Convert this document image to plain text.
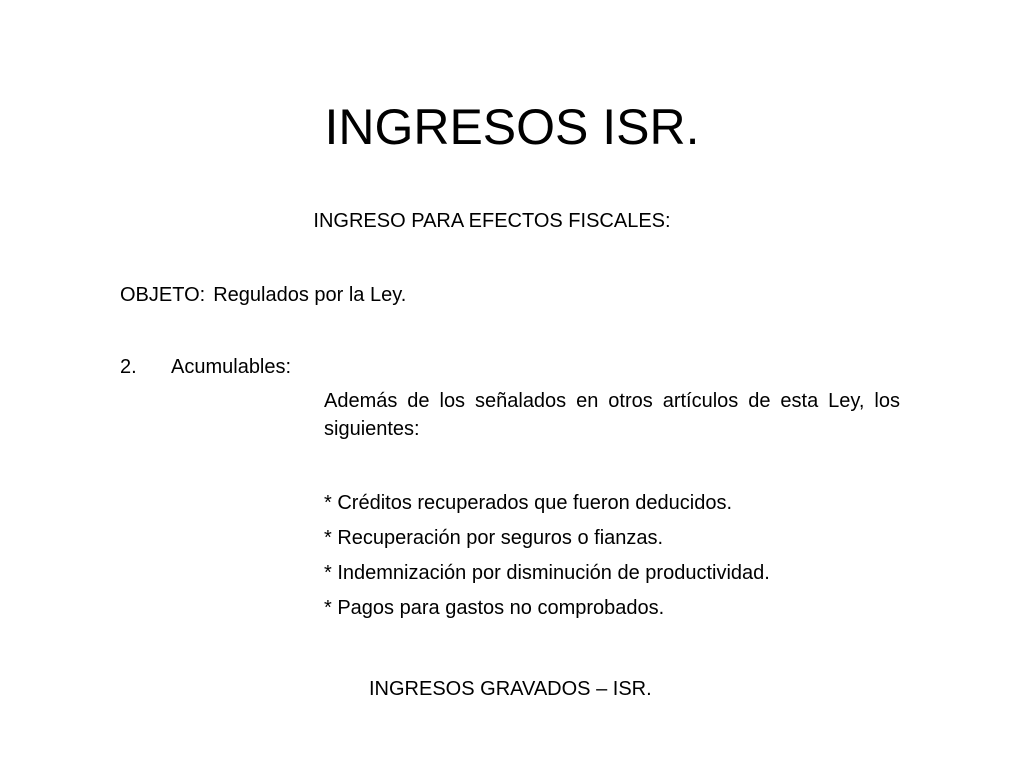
INGRESOS ISR.
INGRESO PARA EFECTOS FISCALES:
OBJETO: Regulados por la Ley.
2. Acumulables:
Además de los señalados en otros artículos de esta Ley, los siguientes:
* Créditos recuperados que fueron deducidos.
* Recuperación por seguros o fianzas.
* Indemnización por disminución de productividad.
* Pagos para gastos no comprobados.
INGRESOS GRAVADOS – ISR.
